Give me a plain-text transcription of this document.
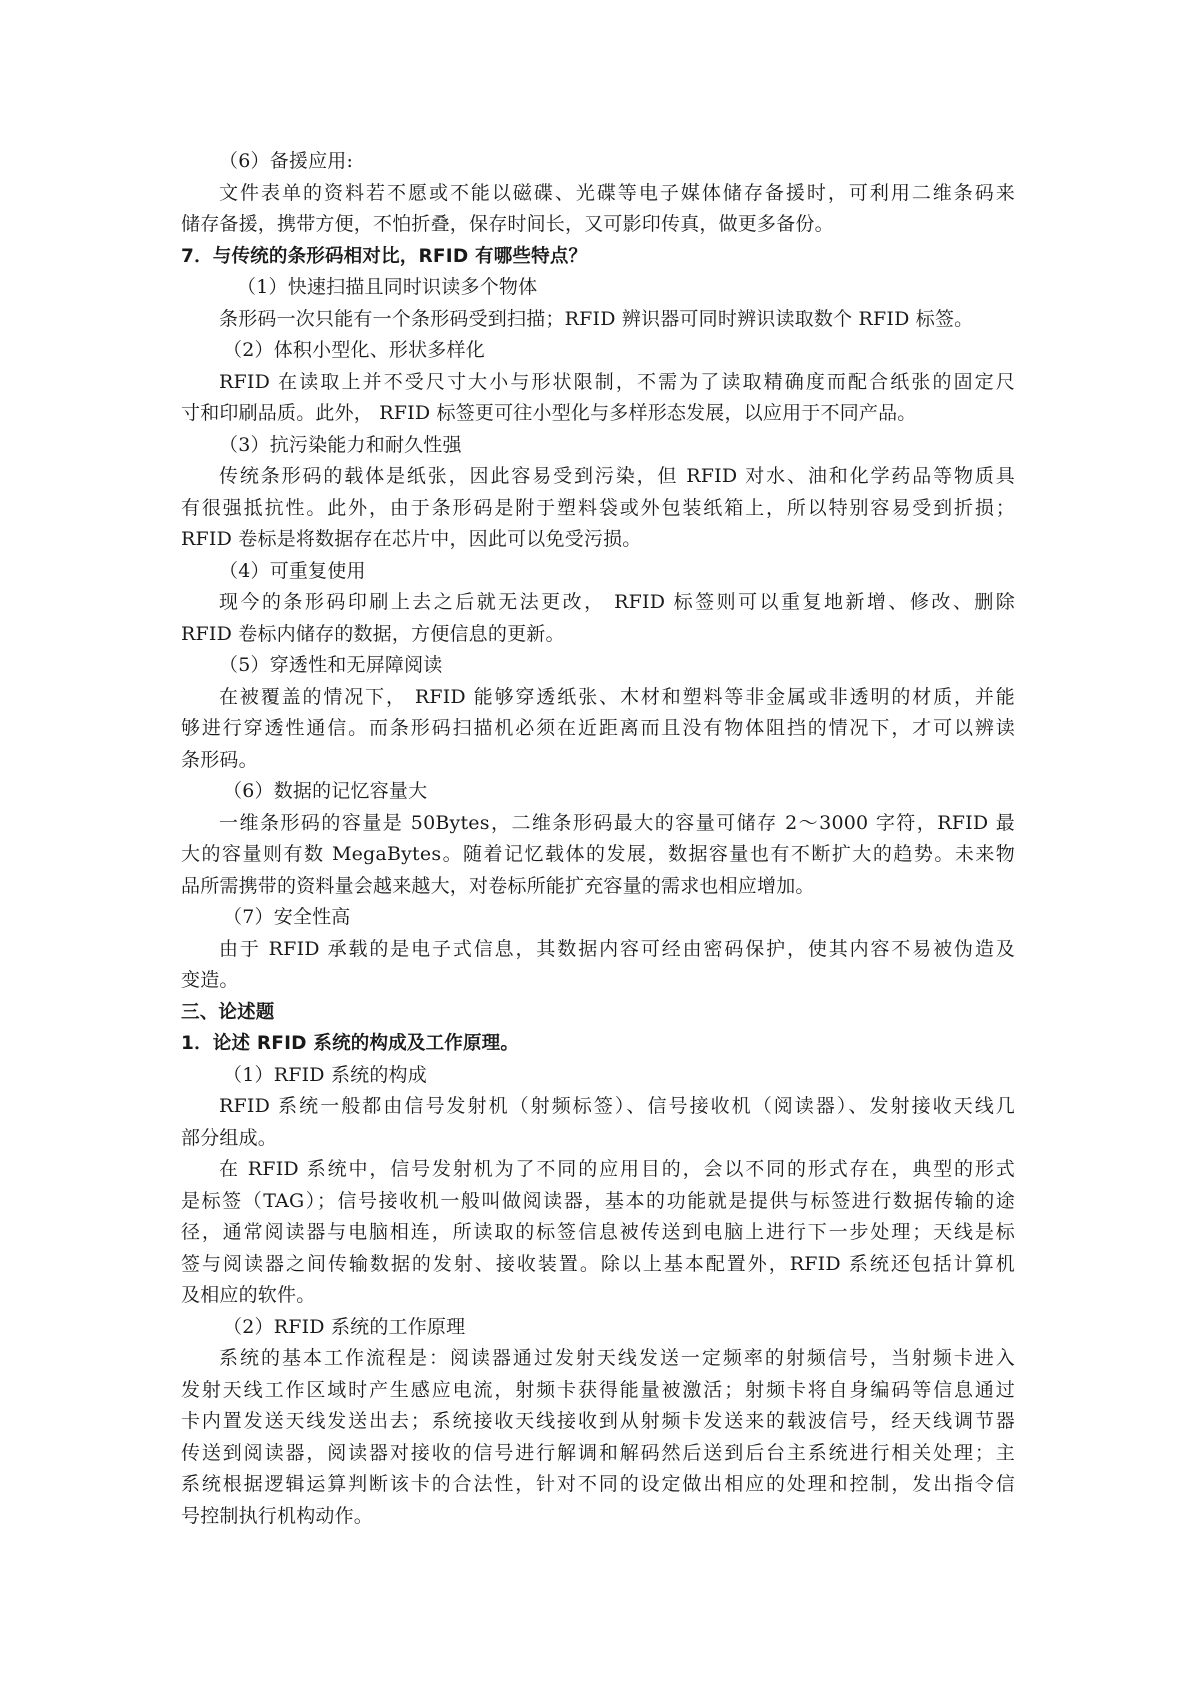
（6）备援应用:
文件表单的资料若不愿或不能以磁碟、光碟等电子媒体储存备援时，可利用二维条码来
储存备援，携带方便，不怕折叠，保存时间长，又可影印传真，做更多备份。
7．与传统的条形码相对比，RFID 有哪些特点？
（1）快速扫描且同时识读多个物体
条形码一次只能有一个条形码受到扫描；RFID 辨识器可同时辨识读取数个 RFID 标签。
（2）体积小型化、形状多样化
RFID 在读取上并不受尺寸大小与形状限制，不需为了读取精确度而配合纸张的固定尺
寸和印刷品质。此外， RFID 标签更可往小型化与多样形态发展，以应用于不同产品。
（3）抗污染能力和耐久性强
传统条形码的载体是纸张，因此容易受到污染，但 RFID 对水、油和化学药品等物质具
有很强抵抗性。此外，由于条形码是附于塑料袋或外包装纸箱上，所以特别容易受到折损；
RFID 卷标是将数据存在芯片中，因此可以免受污损。
（4）可重复使用
现今的条形码印刷上去之后就无法更改， RFID 标签则可以重复地新增、修改、删除
RFID 卷标内储存的数据，方便信息的更新。
（5）穿透性和无屏障阅读
在被覆盖的情况下， RFID 能够穿透纸张、木材和塑料等非金属或非透明的材质，并能
够进行穿透性通信。而条形码扫描机必须在近距离而且没有物体阻挡的情况下，才可以辨读
条形码。
（6）数据的记忆容量大
一维条形码的容量是 50Bytes，二维条形码最大的容量可储存 2～3000 字符，RFID 最
大的容量则有数 MegaBytes。随着记忆载体的发展，数据容量也有不断扩大的趋势。未来物
品所需携带的资料量会越来越大，对卷标所能扩充容量的需求也相应增加。
（7）安全性高
由于 RFID 承载的是电子式信息，其数据内容可经由密码保护，使其内容不易被伪造及
变造。
三、论述题
1．论述 RFID 系统的构成及工作原理。
（1）RFID 系统的构成
RFID 系统一般都由信号发射机（射频标签）、信号接收机（阅读器）、发射接收天线几
部分组成。
在 RFID 系统中，信号发射机为了不同的应用目的，会以不同的形式存在，典型的形式
是标签（TAG）；信号接收机一般叫做阅读器，基本的功能就是提供与标签进行数据传输的途
径，通常阅读器与电脑相连，所读取的标签信息被传送到电脑上进行下一步处理；天线是标
签与阅读器之间传输数据的发射、接收装置。除以上基本配置外，RFID 系统还包括计算机
及相应的软件。
（2）RFID 系统的工作原理
系统的基本工作流程是：阅读器通过发射天线发送一定频率的射频信号，当射频卡进入
发射天线工作区域时产生感应电流，射频卡获得能量被激活；射频卡将自身编码等信息通过
卡内置发送天线发送出去；系统接收天线接收到从射频卡发送来的载波信号，经天线调节器
传送到阅读器，阅读器对接收的信号进行解调和解码然后送到后台主系统进行相关处理；主
系统根据逻辑运算判断该卡的合法性，针对不同的设定做出相应的处理和控制，发出指令信
号控制执行机构动作。
